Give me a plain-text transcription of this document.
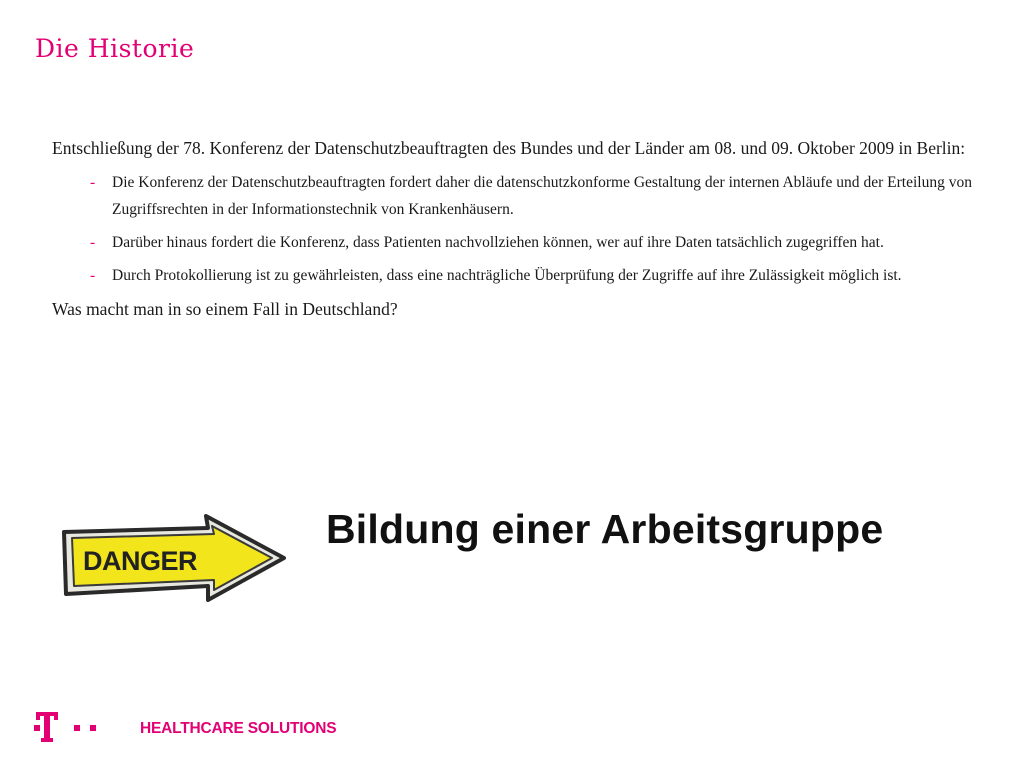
Die Historie

Entschließung der 78. Konferenz der Datenschutzbeauftragten des Bundes und der Länder am 08. und 09. Oktober 2009 in Berlin:

- Die Konferenz der Datenschutzbeauftragten fordert daher die datenschutzkonforme Gestaltung der internen Abläufe und der Erteilung von Zugriffsrechten in der Informationstechnik von Krankenhäusern.
- Darüber hinaus fordert die Konferenz, dass Patienten nachvollziehen können, wer auf ihre Daten tatsächlich zugegriffen hat.
- Durch Protokollierung ist zu gewährleisten, dass eine nachträgliche Überprüfung der Zugriffe auf ihre Zulässigkeit möglich ist.

Was macht man in so einem Fall in Deutschland?

DANGER
Bildung einer Arbeitsgruppe
HEALTHCARE SOLUTIONS
